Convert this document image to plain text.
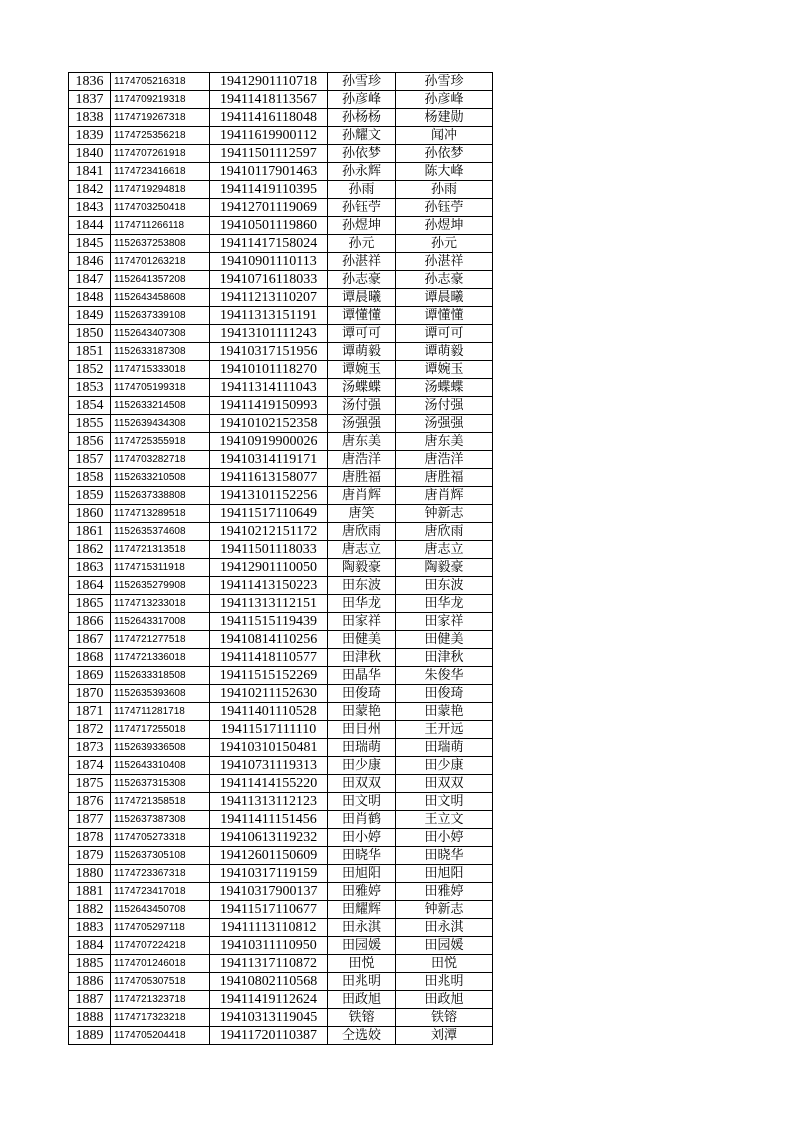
1836	1174705216318	19412901110718	孙雪珍	孙雪珍
1837	1174709219318	19411418113567	孙彦峰	孙彦峰
1838	1174719267318	19411416118048	孙杨杨	杨建勋
1839	1174725356218	19411619900112	孙耀文	闻冲
1840	1174707261918	19411501112597	孙依梦	孙依梦
1841	1174723416618	19410117901463	孙永辉	陈大峰
1842	1174719294818	19411419110395	孙雨	孙雨
1843	1174703250418	19412701119069	孙钰苧	孙钰苧
1844	1174711266118	19410501119860	孙煜坤	孙煜坤
1845	1152637253808	19411417158024	孙元	孙元
1846	1174701263218	19410901110113	孙湛祥	孙湛祥
1847	1152641357208	19410716118033	孙志豪	孙志豪
1848	1152643458608	19411213110207	谭晨曦	谭晨曦
1849	1152637339108	19411313151191	谭懂懂	谭懂懂
1850	1152643407308	19413101111243	谭可可	谭可可
1851	1152633187308	19410317151956	谭萌毅	谭萌毅
1852	1174715333018	19410101118270	谭婉玉	谭婉玉
1853	1174705199318	19411314111043	汤蝶蝶	汤蝶蝶
1854	1152633214508	19411419150993	汤付强	汤付强
1855	1152639434308	19410102152358	汤强强	汤强强
1856	1174725355918	19410919900026	唐东美	唐东美
1857	1174703282718	19410314119171	唐浩洋	唐浩洋
1858	1152633210508	19411613158077	唐胜福	唐胜福
1859	1152637338808	19413101152256	唐肖辉	唐肖辉
1860	1174713289518	19411517110649	唐笑	钟新志
1861	1152635374608	19410212151172	唐欣雨	唐欣雨
1862	1174721313518	19411501118033	唐志立	唐志立
1863	1174715311918	19412901110050	陶毅豪	陶毅豪
1864	1152635279908	19411413150223	田东波	田东波
1865	1174713233018	19411313112151	田华龙	田华龙
1866	1152643317008	19411515119439	田家祥	田家祥
1867	1174721277518	19410814110256	田健美	田健美
1868	1174721336018	19411418110577	田津秋	田津秋
1869	1152633318508	19411515152269	田晶华	朱俊华
1870	1152635393608	19410211152630	田俊琦	田俊琦
1871	1174711281718	19411401110528	田蒙艳	田蒙艳
1872	1174717255018	19411517111110	田日州	王开远
1873	1152639336508	19410310150481	田瑞萌	田瑞萌
1874	1152643310408	19410731119313	田少康	田少康
1875	1152637315308	19411414155220	田双双	田双双
1876	1174721358518	19411313112123	田文明	田文明
1877	1152637387308	19411411151456	田肖鹤	王立文
1878	1174705273318	19410613119232	田小婷	田小婷
1879	1152637305108	19412601150609	田晓华	田晓华
1880	1174723367318	19410317119159	田旭阳	田旭阳
1881	1174723417018	19410317900137	田雅婷	田雅婷
1882	1152643450708	19411517110677	田耀辉	钟新志
1883	1174705297118	19411113110812	田永淇	田永淇
1884	1174707224218	19410311110950	田园媛	田园媛
1885	1174701246018	19411317110872	田悦	田悦
1886	1174705307518	19410802110568	田兆明	田兆明
1887	1174721323718	19411419112624	田政旭	田政旭
1888	1174717323218	19410313119045	铁镕	铁镕
1889	1174705204418	19411720110387	仝选姣	刘潭
